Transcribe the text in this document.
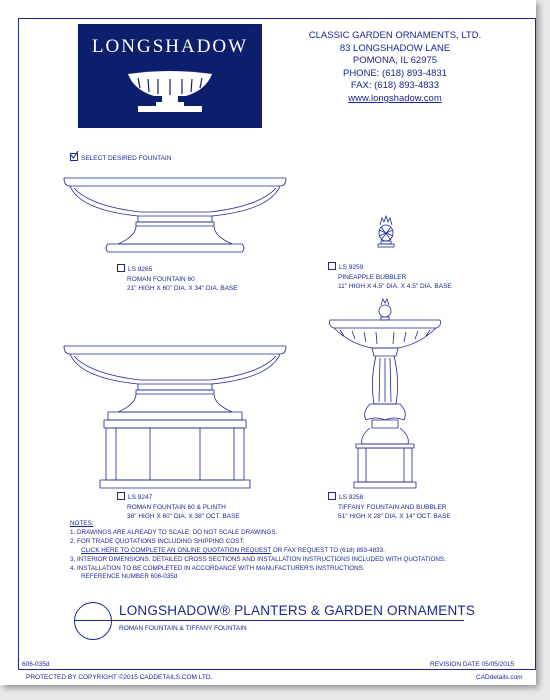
LONGSHADOW
®	CLASSIC GARDEN ORNAMENTS, LTD.
83 LONGSHADOW LANE
POMONA, IL 62975
PHONE: (618) 893-4831
FAX: (618) 893-4833
www.longshadow.com
SELECT DESIRED FOUNTAIN
LS 9265
ROMAN FOUNTAIN 60
21" HIGH X 60" DIA. X 34" DIA. BASE
LS 9259
PINEAPPLE BUBBLER
11" HIGH X 4.5" DIA. X 4.5" DIA. BASE
LS 9247
ROMAN FOUNTAIN 60 & PLINTH
38" HIGH X 60" DIA. X 38" OCT. BASE
LS 9258
TIFFANY FOUNTAIN AND BUBBLER
51" HIGH X 28" DIA. X 14" OCT. BASE
NOTES:
1. DRAWINGS ARE ALREADY TO SCALE; DO NOT SCALE DRAWINGS.
2. FOR TRADE QUOTATIONS INCLUDING SHIPPING COST:
CLICK HERE TO COMPLETE AN ONLINE QUOTATION REQUEST OR FAX REQUEST TO (618) 893-4833.
3. INTERIOR DIMENSIONS, DETAILED CROSS SECTIONS AND INSTALLATION INSTRUCTIONS INCLUDED WITH QUOTATIONS.
4. INSTALLATION TO BE COMPLETED IN ACCORDANCE WITH MANUFACTURER'S INSTRUCTIONS.
REFERENCE NUMBER 606-035d
LONGSHADOW® PLANTERS & GARDEN ORNAMENTS
ROMAN FOUNTAIN & TIFFANY FOUNTAIN
606-035d	REVISION DATE 05/05/2015
PROTECTED BY COPYRIGHT ©2015 CADDETAILS.COM LTD.	CADdetails.com
